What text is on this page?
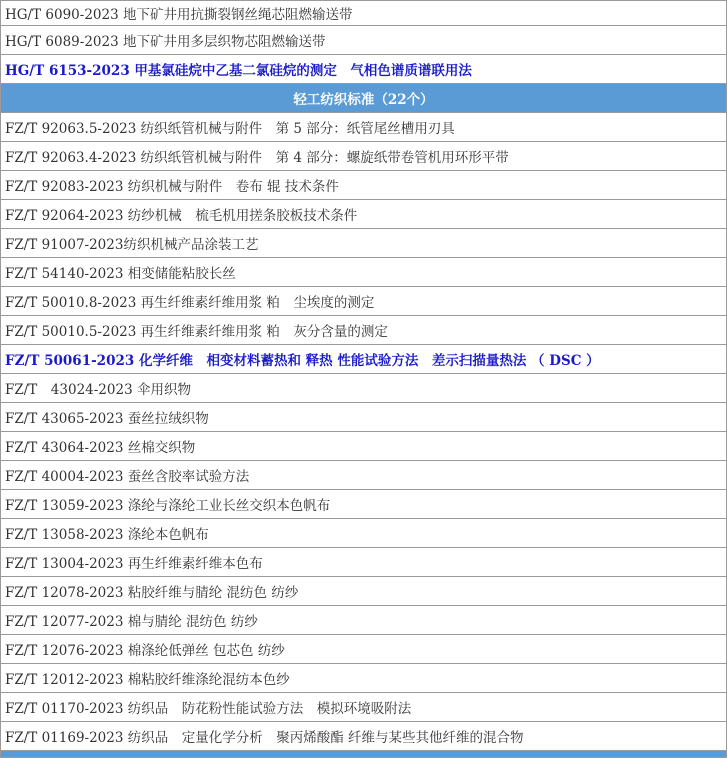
HG/T 6090-2023 地下矿井用抗撕裂钢丝绳芯阻燃输送带
HG/T 6089-2023 地下矿井用多层织物芯阻燃输送带
HG/T 6153-2023 甲基氯硅烷中乙基二氯硅烷的测定　气相色谱质谱联用法
轻工纺织标准（22个）
FZ/T 92063.5-2023 纺织纸管机械与附件　第 5 部分：纸管尾丝槽用刃具
FZ/T 92063.4-2023 纺织纸管机械与附件　第 4 部分：螺旋纸带卷管机用环形平带
FZ/T 92083-2023 纺织机械与附件　卷布 辊 技术条件
FZ/T 92064-2023 纺纱机械　梳毛机用搓条胶板技术条件
FZ/T 91007-2023纺织机械产品涂装工艺
FZ/T 54140-2023 相变储能粘胶长丝
FZ/T 50010.8-2023 再生纤维素纤维用浆 粕　尘埃度的测定
FZ/T 50010.5-2023 再生纤维素纤维用浆 粕　灰分含量的测定
FZ/T 50061-2023 化学纤维　相变材料蓄热和 释热 性能试验方法　差示扫描量热法 （ DSC ）
FZ/T　43024-2023 伞用织物
FZ/T 43065-2023 蚕丝拉绒织物
FZ/T 43064-2023 丝棉交织物
FZ/T 40004-2023 蚕丝含胶率试验方法
FZ/T 13059-2023 涤纶与涤纶工业长丝交织本色帆布
FZ/T 13058-2023 涤纶本色帆布
FZ/T 13004-2023 再生纤维素纤维本色布
FZ/T 12078-2023 粘胶纤维与腈纶 混纺色 纺纱
FZ/T 12077-2023 棉与腈纶 混纺色 纺纱
FZ/T 12076-2023 棉涤纶低弹丝 包芯色 纺纱
FZ/T 12012-2023 棉粘胶纤维涤纶混纺本色纱
FZ/T 01170-2023 纺织品　防花粉性能试验方法　模拟环境吸附法
FZ/T 01169-2023 纺织品　定量化学分析　聚丙烯酸酯 纤维与某些其他纤维的混合物
